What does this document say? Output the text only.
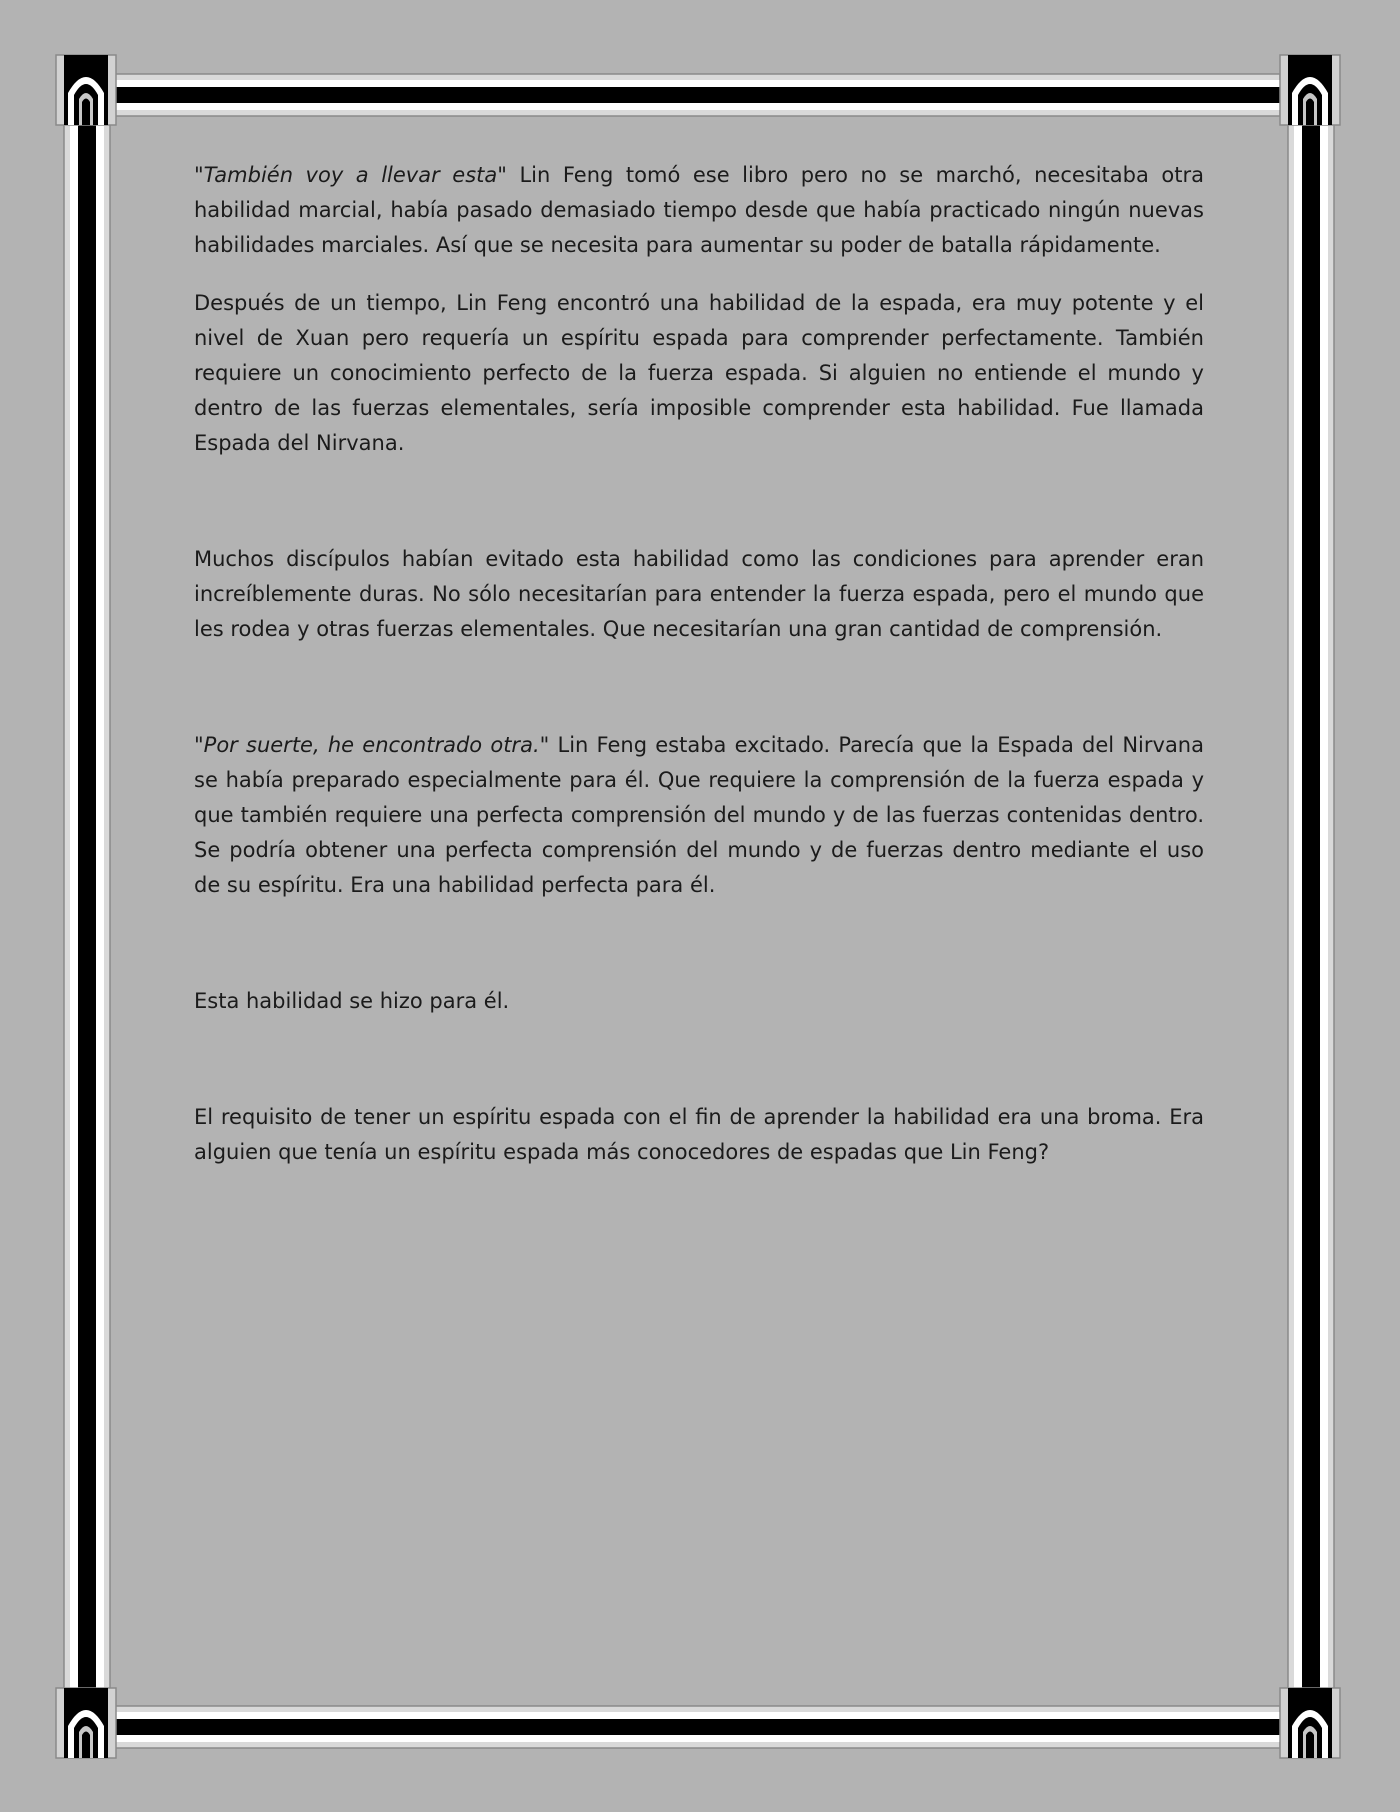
"También voy a llevar esta" Lin Feng tomó ese libro pero no se marchó, necesitaba otra habilidad marcial, había pasado demasiado tiempo desde que había practicado ningún nuevas habilidades marciales. Así que se necesita para aumentar su poder de batalla rápidamente.

Después de un tiempo, Lin Feng encontró una habilidad de la espada, era muy potente y el nivel de Xuan pero requería un espíritu espada para comprender perfectamente. También requiere un conocimiento perfecto de la fuerza espada. Si alguien no entiende el mundo y dentro de las fuerzas elementales, sería imposible comprender esta habilidad. Fue llamada Espada del Nirvana.

Muchos discípulos habían evitado esta habilidad como las condiciones para aprender eran increíblemente duras. No sólo necesitarían para entender la fuerza espada, pero el mundo que les rodea y otras fuerzas elementales. Que necesitarían una gran cantidad de comprensión.

"Por suerte, he encontrado otra." Lin Feng estaba excitado. Parecía que la Espada del Nirvana se había preparado especialmente para él. Que requiere la comprensión de la fuerza espada y que también requiere una perfecta comprensión del mundo y de las fuerzas contenidas dentro. Se podría obtener una perfecta comprensión del mundo y de fuerzas dentro mediante el uso de su espíritu. Era una habilidad perfecta para él.

Esta habilidad se hizo para él.

El requisito de tener un espíritu espada con el fin de aprender la habilidad era una broma. Era alguien que tenía un espíritu espada más conocedores de espadas que Lin Feng?
